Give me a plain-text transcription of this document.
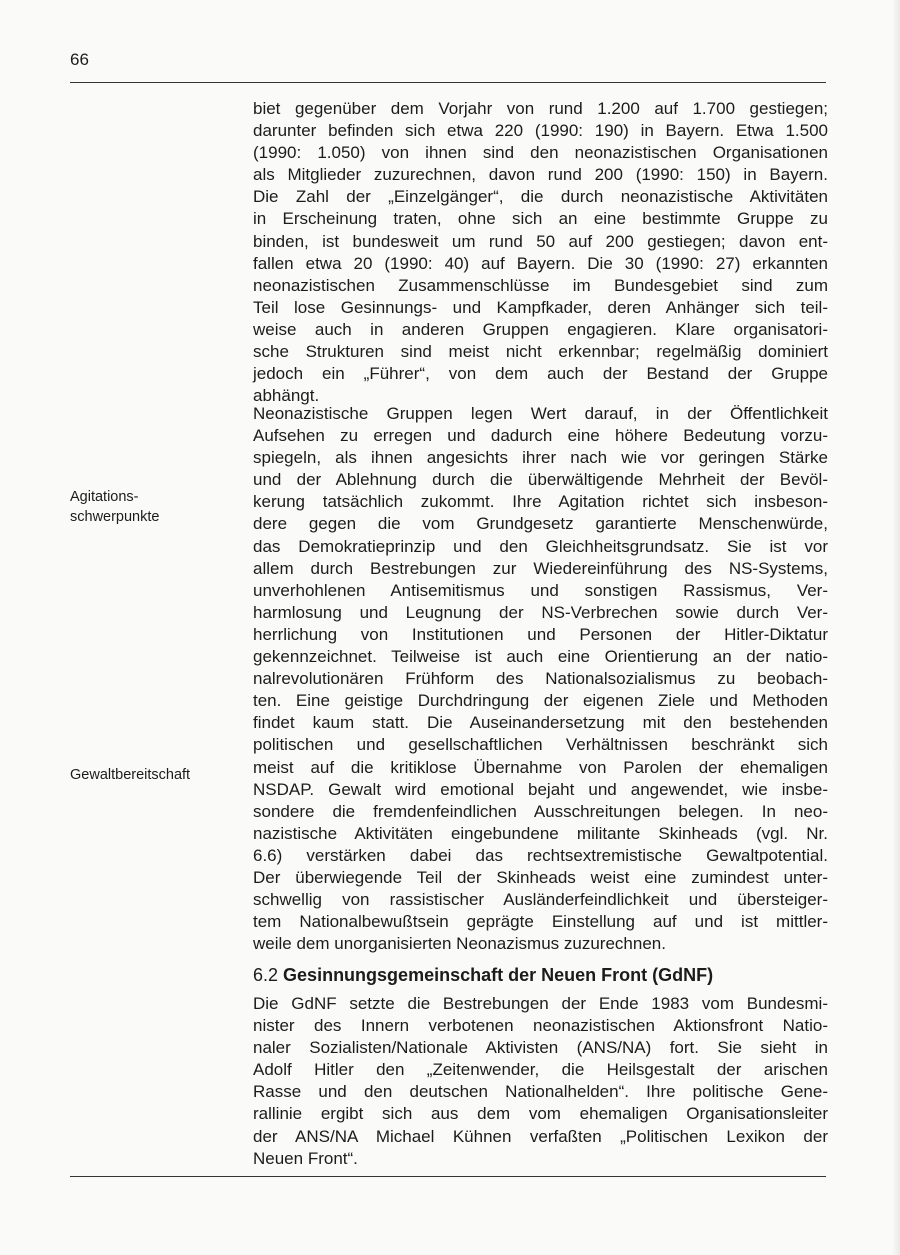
66
Agitations-
schwerpunkte
Gewaltbereitschaft
biet gegenüber dem Vorjahr von rund 1.200 auf 1.700 gestiegen;
darunter befinden sich etwa 220 (1990: 190) in Bayern. Etwa 1.500
(1990: 1.050) von ihnen sind den neonazistischen Organisationen
als Mitglieder zuzurechnen, davon rund 200 (1990: 150) in Bayern.
Die Zahl der „Einzelgänger“, die durch neonazistische Aktivitäten
in Erscheinung traten, ohne sich an eine bestimmte Gruppe zu
binden, ist bundesweit um rund 50 auf 200 gestiegen; davon ent-
fallen etwa 20 (1990: 40) auf Bayern. Die 30 (1990: 27) erkannten
neonazistischen Zusammenschlüsse im Bundesgebiet sind zum
Teil lose Gesinnungs- und Kampfkader, deren Anhänger sich teil-
weise auch in anderen Gruppen engagieren. Klare organisatori-
sche Strukturen sind meist nicht erkennbar; regelmäßig dominiert
jedoch ein „Führer“, von dem auch der Bestand der Gruppe
abhängt.
Neonazistische Gruppen legen Wert darauf, in der Öffentlichkeit
Aufsehen zu erregen und dadurch eine höhere Bedeutung vorzu-
spiegeln, als ihnen angesichts ihrer nach wie vor geringen Stärke
und der Ablehnung durch die überwältigende Mehrheit der Bevöl-
kerung tatsächlich zukommt. Ihre Agitation richtet sich insbeson-
dere gegen die vom Grundgesetz garantierte Menschenwürde,
das Demokratieprinzip und den Gleichheitsgrundsatz. Sie ist vor
allem durch Bestrebungen zur Wiedereinführung des NS-Systems,
unverhohlenen Antisemitismus und sonstigen Rassismus, Ver-
harmlosung und Leugnung der NS-Verbrechen sowie durch Ver-
herrlichung von Institutionen und Personen der Hitler-Diktatur
gekennzeichnet. Teilweise ist auch eine Orientierung an der natio-
nalrevolutionären Frühform des Nationalsozialismus zu beobach-
ten. Eine geistige Durchdringung der eigenen Ziele und Methoden
findet kaum statt. Die Auseinandersetzung mit den bestehenden
politischen und gesellschaftlichen Verhältnissen beschränkt sich
meist auf die kritiklose Übernahme von Parolen der ehemaligen
NSDAP. Gewalt wird emotional bejaht und angewendet, wie insbe-
sondere die fremdenfeindlichen Ausschreitungen belegen. In neo-
nazistische Aktivitäten eingebundene militante Skinheads (vgl. Nr.
6.6) verstärken dabei das rechtsextremistische Gewaltpotential.
Der überwiegende Teil der Skinheads weist eine zumindest unter-
schwellig von rassistischer Ausländerfeindlichkeit und übersteiger-
tem Nationalbewußtsein geprägte Einstellung auf und ist mittler-
weile dem unorganisierten Neonazismus zuzurechnen.
6.2 Gesinnungsgemeinschaft der Neuen Front (GdNF)
Die GdNF setzte die Bestrebungen der Ende 1983 vom Bundesmi-
nister des Innern verbotenen neonazistischen Aktionsfront Natio-
naler Sozialisten/Nationale Aktivisten (ANS/NA) fort. Sie sieht in
Adolf Hitler den „Zeitenwender, die Heilsgestalt der arischen
Rasse und den deutschen Nationalhelden“. Ihre politische Gene-
rallinie ergibt sich aus dem vom ehemaligen Organisationsleiter
der ANS/NA Michael Kühnen verfaßten „Politischen Lexikon der
Neuen Front“.
